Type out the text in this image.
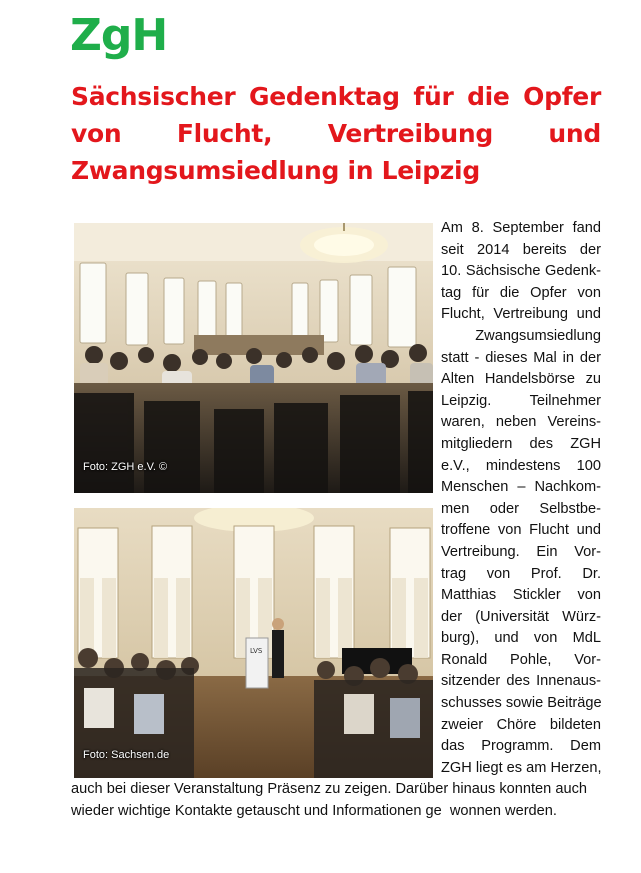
ZgH
Sächsischer Gedenktag für die Opfer von Flucht, Vertreibung und Zwangsumsiedlung in Leipzig
Foto: ZGH e.V. ©
LVS
Foto: Sachsen.de
Am 8. September fand
seit 2014 bereits der
10. Sächsische Gedenk-
tag für die Opfer von
Flucht, Vertreibung und
Zwangsumsiedlung
statt - dieses Mal in der
Alten Handelsbörse zu
Leipzig.   Teilnehmer
waren, neben Vereins-
mitgliedern des ZGH
e.V., mindestens 100
Menschen – Nachkom-
men oder Selbstbe-
troffene von Flucht und
Vertreibung. Ein Vor-
trag von Prof. Dr.
Matthias Stickler von
der (Universität Würz-
burg), und von MdL
Ronald Pohle, Vor-
sitzender des Innenaus-
schusses sowie Beiträge
zweier Chöre bildeten
das Programm. Dem
ZGH liegt es am Herzen,
auch bei dieser Veranstaltung Präsenz zu zeigen. Darüber hinaus konnten auch
wieder wichtige Kontakte getauscht und Informationen ge  wonnen werden.
